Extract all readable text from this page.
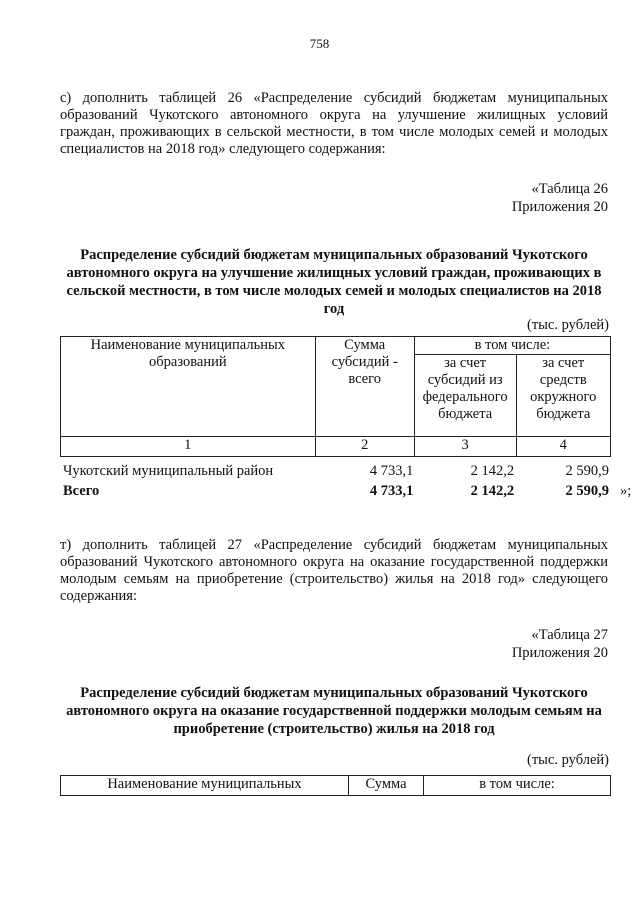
758
с) дополнить таблицей 26 «Распределение субсидий бюджетам муниципальных образований Чукотского автономного округа на улучшение жилищных условий граждан, проживающих в сельской местности, в том числе молодых семей и молодых специалистов на 2018 год» следующего содержания:
«Таблица 26
Приложения 20
Распределение субсидий бюджетам муниципальных образований Чукотского автономного округа на улучшение жилищных условий граждан, проживающих в сельской местности, в том числе молодых семей и молодых специалистов на 2018 год
(тыс. рублей)
Наименование муниципальных образований	Сумма субсидий - всего	в том числе:	
		за счет субсидий из федерального бюджета	за счет средств окружного бюджета
1	2	3	4
Чукотский муниципальный район	4 733,1	2 142,2	2 590,9
Всего	4 733,1	2 142,2	2 590,9 »;
т) дополнить таблицей 27 «Распределение субсидий бюджетам муниципальных образований Чукотского автономного округа на оказание государственной поддержки молодым семьям на приобретение (строительство) жилья на 2018 год» следующего содержания:
«Таблица 27
Приложения 20
Распределение субсидий бюджетам муниципальных образований Чукотского автономного округа на оказание государственной поддержки молодым семьям на приобретение (строительство) жилья на 2018 год
(тыс. рублей)
Наименование муниципальных	Сумма	в том числе:
